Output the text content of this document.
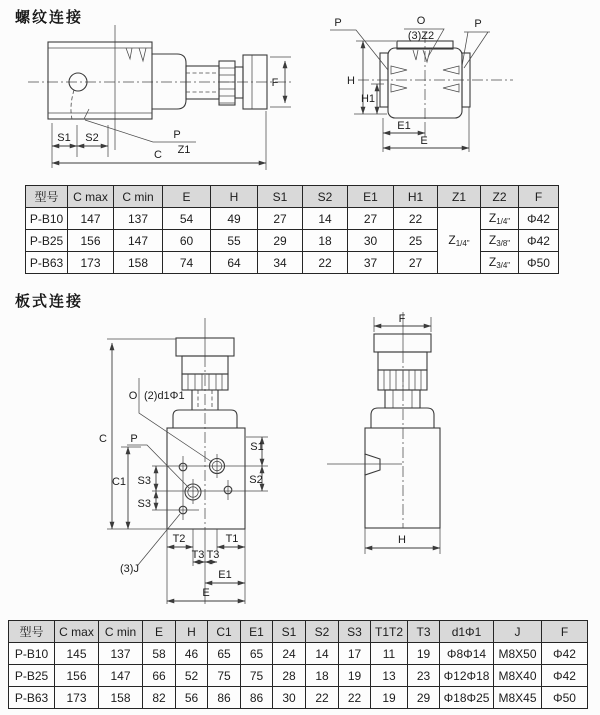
螺纹连接
F
S1 S2
C
P
Z1
P	O
(3)Z2
P
H
H1
E1
E
型号	C max	C min	E	H	S1	S2	E1	H1	Z1	Z2	F
P-B10	147	137	54	49	27	14	27	22	$Z_{1/4"}$	$Z_{1/4"}$	Φ42
P-B25	156	147	60	55	29	18	30	25		$Z_{3/8"}$	Φ42
P-B63	173	158	74	64	34	22	37	27		$Z_{3/4"}$	Φ50
板式连接
O (2)d1Φ1
P
(3)J
C
C1 S3
S3
S1
S2
T2	T1
T3 T3
E1
E
F
H
型号	C max	C min	E	H	C1	E1	S1	S2	S3	T1T2	T3	d1Φ1	J	F
P-B10	145	137	58	46	65	65	24	14	17	11	19	Φ8Φ14	M8X50	Φ42
P-B25	156	147	66	52	75	75	28	18	19	13	23	Φ12Φ18	M8X40	Φ42
P-B63	173	158	82	56	86	86	30	22	22	19	29	Φ18Φ25	M8X45	Φ50
